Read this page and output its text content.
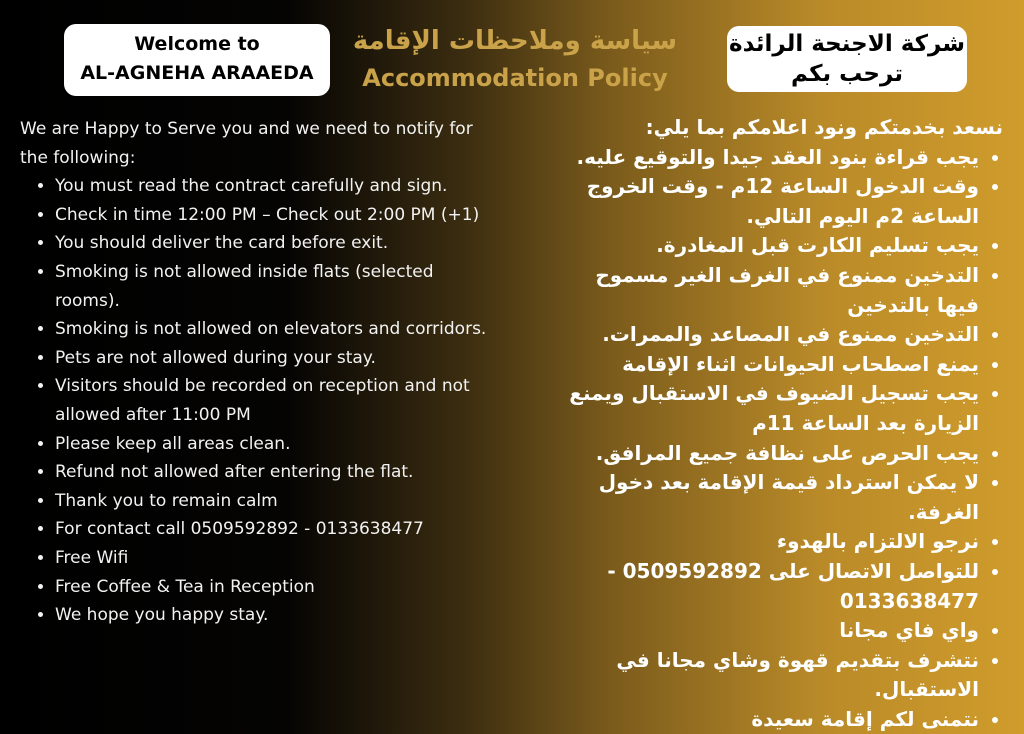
Welcome to
AL-AGNEHA ARAAEDA
سياسة وملاحظات الإقامة
Accommodation Policy
شركة الاجنحة الرائدة
ترحب بكم

We are Happy to Serve you and we need to notify for the following:

• You must read the contract carefully and sign.
• Check in time 12:00 PM – Check out 2:00 PM (+1)
• You should deliver the card before exit.
• Smoking is not allowed inside flats (selected rooms).
• Smoking is not allowed on elevators and corridors.
• Pets are not allowed during your stay.
• Visitors should be recorded on reception and not allowed after 11:00 PM
• Please keep all areas clean.
• Refund not allowed after entering the flat.
• Thank you to remain calm
• For contact call 0509592892 - 0133638477
• Free Wifi
• Free Coffee & Tea in Reception
• We hope you happy stay.

نسعد بخدمتكم ونود اعلامكم بما يلي:

• يجب قراءة بنود العقد جيدا والتوقيع عليه.
• وقت الدخول الساعة 12م - وقت الخروج الساعة 2م اليوم التالي.
• يجب تسليم الكارت قبل المغادرة.
• التدخين ممنوع في الغرف الغير مسموح فيها بالتدخين
• التدخين ممنوع في المصاعد والممرات.
• يمنع اصطحاب الحيوانات اثناء الإقامة
• يجب تسجيل الضيوف في الاستقبال ويمنع الزيارة بعد الساعة 11م
• يجب الحرص على نظافة جميع المرافق.
• لا يمكن استرداد قيمة الإقامة بعد دخول الغرفة.
• نرجو الالتزام بالهدوء
• للتواصل الاتصال على 0509592892 - 0133638477
• واي فاي مجانا
• نتشرف بتقديم قهوة وشاي مجانا في الاستقبال.
• نتمنى لكم إقامة سعيدة
